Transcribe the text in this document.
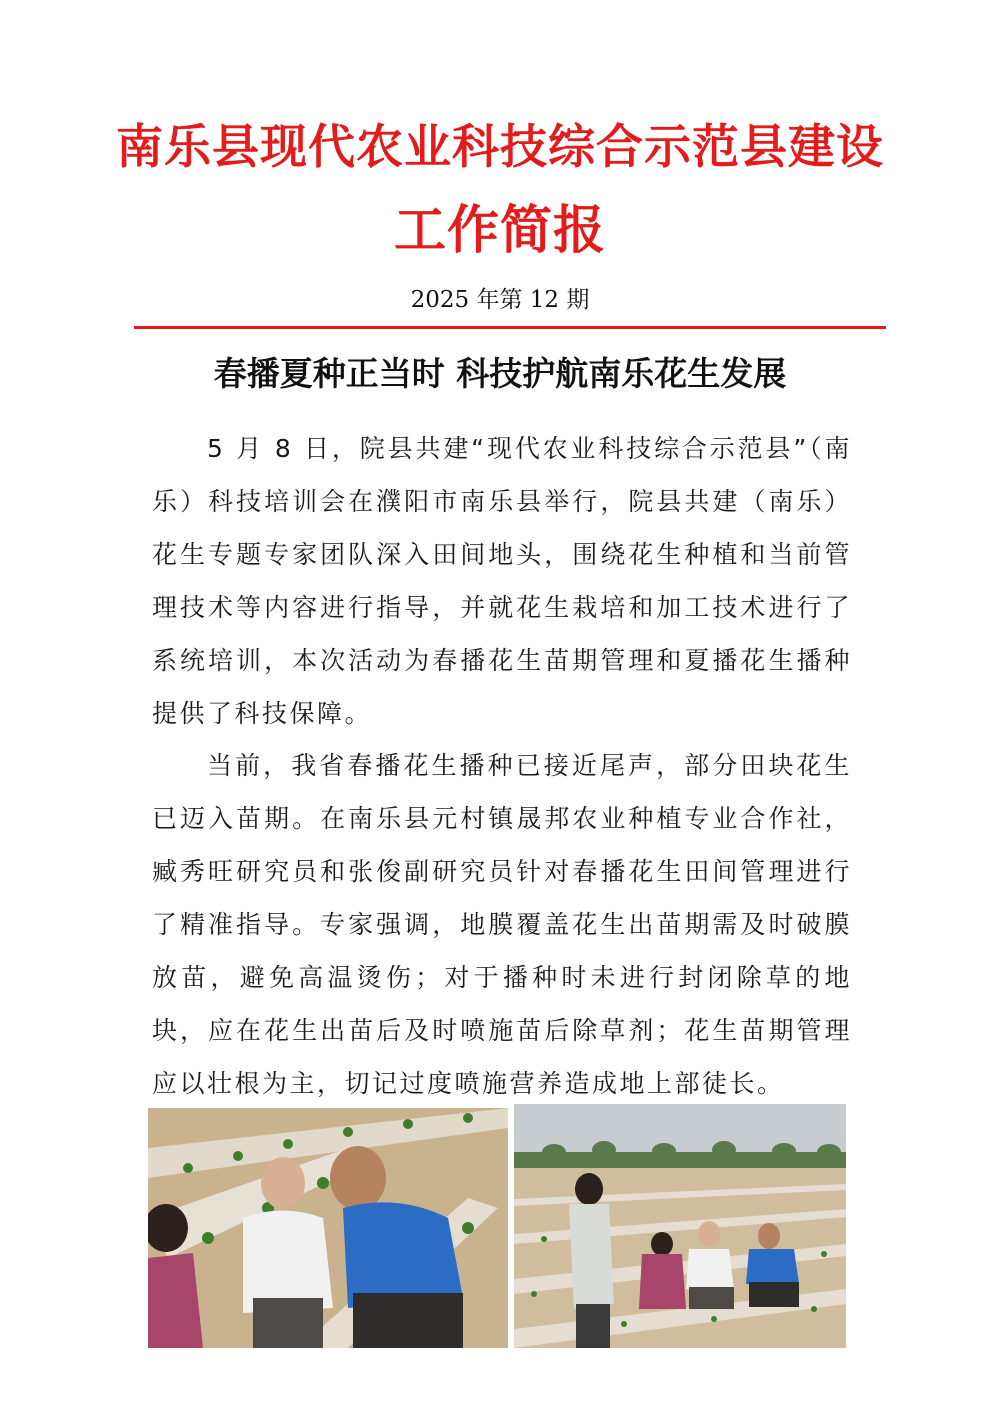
南乐县现代农业科技综合示范县建设
工作简报
2025 年第 12 期
春播夏种正当时 科技护航南乐花生发展

5 月 8 日，院县共建“现代农业科技综合示范县”（南乐）科技培训会在濮阳市南乐县举行，院县共建（南乐）花生专题专家团队深入田间地头，围绕花生种植和当前管理技术等内容进行指导，并就花生栽培和加工技术进行了系统培训，本次活动为春播花生苗期管理和夏播花生播种提供了科技保障。

当前，我省春播花生播种已接近尾声，部分田块花生已迈入苗期。在南乐县元村镇晟邦农业种植专业合作社，臧秀旺研究员和张俊副研究员针对春播花生田间管理进行了精准指导。专家强调，地膜覆盖花生出苗期需及时破膜放苗，避免高温烫伤；对于播种时未进行封闭除草的地块，应在花生出苗后及时喷施苗后除草剂；花生苗期管理应以壮根为主，切记过度喷施营养造成地上部徒长。
